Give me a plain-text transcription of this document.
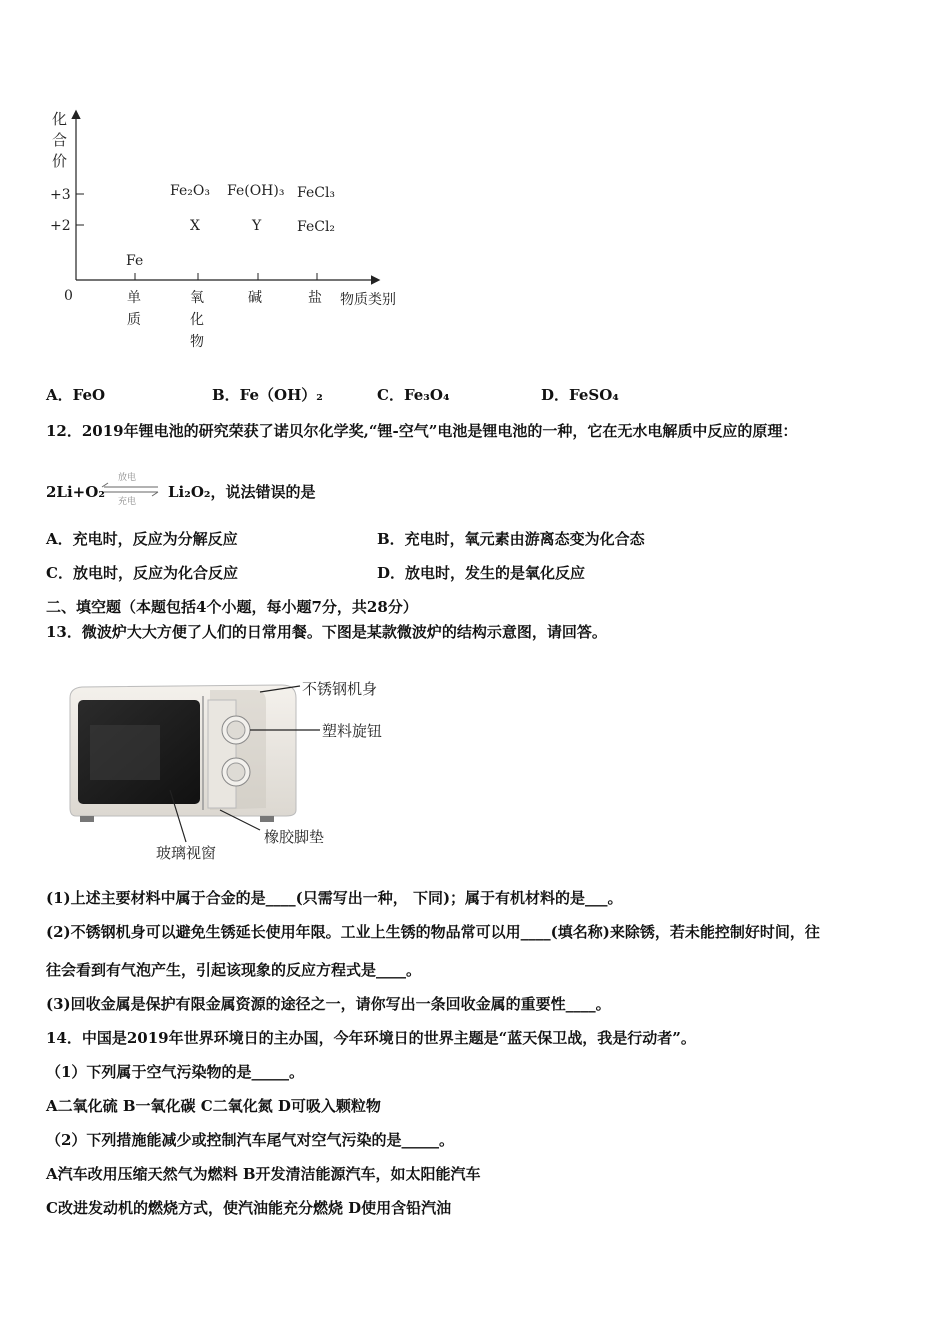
化
合
价
+3
+2
0	单
质
氧
化
物
碱	盐 物质类别
Fe
Fe₂O₃
X
Fe(OH)₃
Y
FeCl₃
FeCl₂
A．FeO	B．Fe（OH）₂	C．Fe₃O₄	D．FeSO₄
12．2019年锂电池的研究荣获了诺贝尔化学奖,“锂-空气”电池是锂电池的一种，它在无水电解质中反应的原理：
2Li+O₂
放电
充电
Li₂O₂，说法错误的是
A．充电时，反应为分解反应	B．充电时，氧元素由游离态变为化合态
C．放电时，反应为化合反应	D．放电时，发生的是氧化反应
二、填空题（本题包括4个小题，每小题7分，共28分）
13．微波炉大大方便了人们的日常用餐。下图是某款微波炉的结构示意图，请回答。
不锈钢机身
塑料旋钮
玻璃视窗
橡胶脚垫
(1)上述主要材料中属于合金的是____(只需写出一种， 下同)；属于有机材料的是___。
(2)不锈钢机身可以避免生锈延长使用年限。工业上生锈的物品常可以用____(填名称)来除锈，若未能控制好时间，往
往会看到有气泡产生，引起该现象的反应方程式是____。
(3)回收金属是保护有限金属资源的途径之一，请你写出一条回收金属的重要性____。
14．中国是2019年世界环境日的主办国，今年环境日的世界主题是“蓝天保卫战，我是行动者”。
（1）下列属于空气污染物的是_____。
A二氧化硫 B一氧化碳 C二氧化氮 D可吸入颗粒物
（2）下列措施能减少或控制汽车尾气对空气污染的是_____。
A汽车改用压缩天然气为燃料 B开发清洁能源汽车，如太阳能汽车
C改进发动机的燃烧方式，使汽油能充分燃烧 D使用含铅汽油
